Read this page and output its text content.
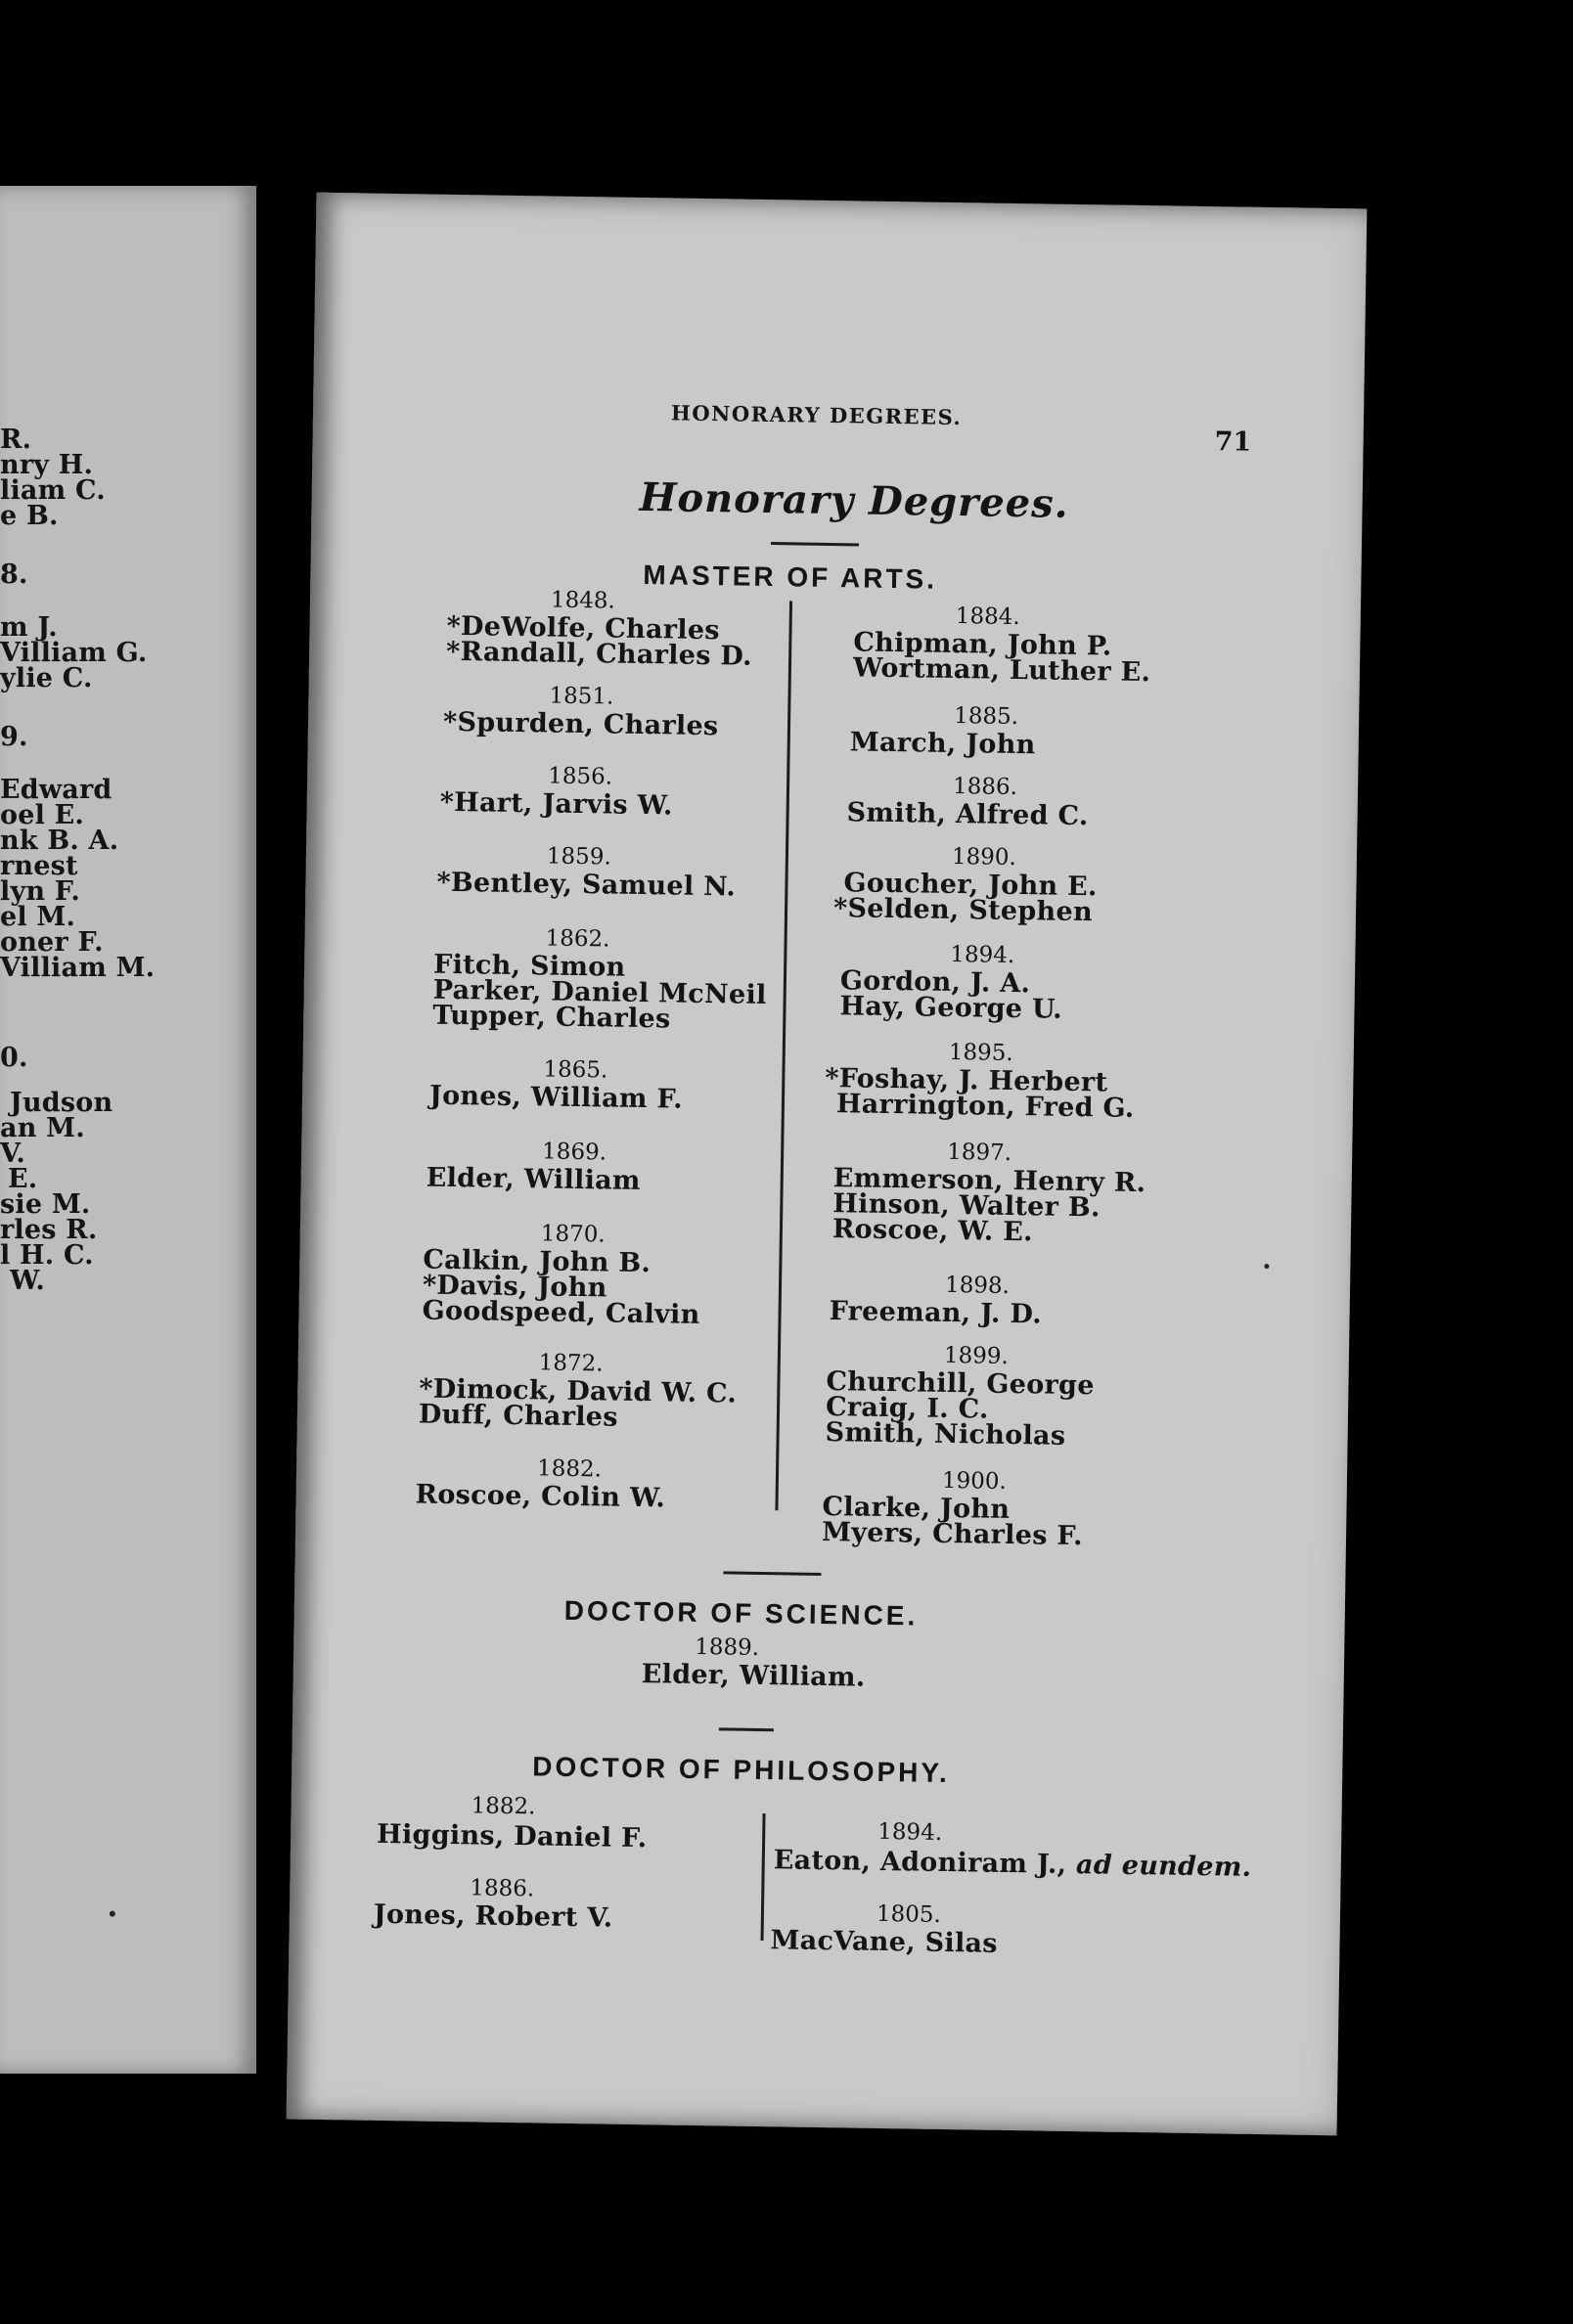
R.
nry H.
liam C.
e B.
8.
m J.
Villiam G.
ylie C.
9.
Edward
oel E.
nk B. A.
rnest
lyn F.
el M.
oner F.
Villiam M.
0.
Judson
an M.
V.
E.
sie M.
rles R.
l H. C.
W.
HONORARY DEGREES.
71
Honorary Degrees.
MASTER OF ARTS.
1848.
*DeWolfe, Charles
*Randall, Charles D.
1851.
*Spurden, Charles
1856.
*Hart, Jarvis W.
1859.
*Bentley, Samuel N.
1862.
Fitch, Simon
Parker, Daniel McNeil
Tupper, Charles
1865.
Jones, William F.
1869.
Elder, William
1870.
Calkin, John B.
*Davis, John
Goodspeed, Calvin
1872.
*Dimock, David W. C.
Duff, Charles
1882.
Roscoe, Colin W.
1884.
Chipman, John P.
Wortman, Luther E.
1885.
March, John
1886.
Smith, Alfred C.
1890.
Goucher, John E.
*Selden, Stephen
1894.
Gordon, J. A.
Hay, George U.
1895.
*Foshay, J. Herbert
Harrington, Fred G.
1897.
Emmerson, Henry R.
Hinson, Walter B.
Roscoe, W. E.
1898.
Freeman, J. D.
1899.
Churchill, George
Craig, I. C.
Smith, Nicholas
1900.
Clarke, John
Myers, Charles F.
DOCTOR OF SCIENCE.
1889.
Elder, William.
DOCTOR OF PHILOSOPHY.
1882.
Higgins, Daniel F.
1886.
Jones, Robert V.
1894.
Eaton, Adoniram J., ad eundem.
1805.
MacVane, Silas
